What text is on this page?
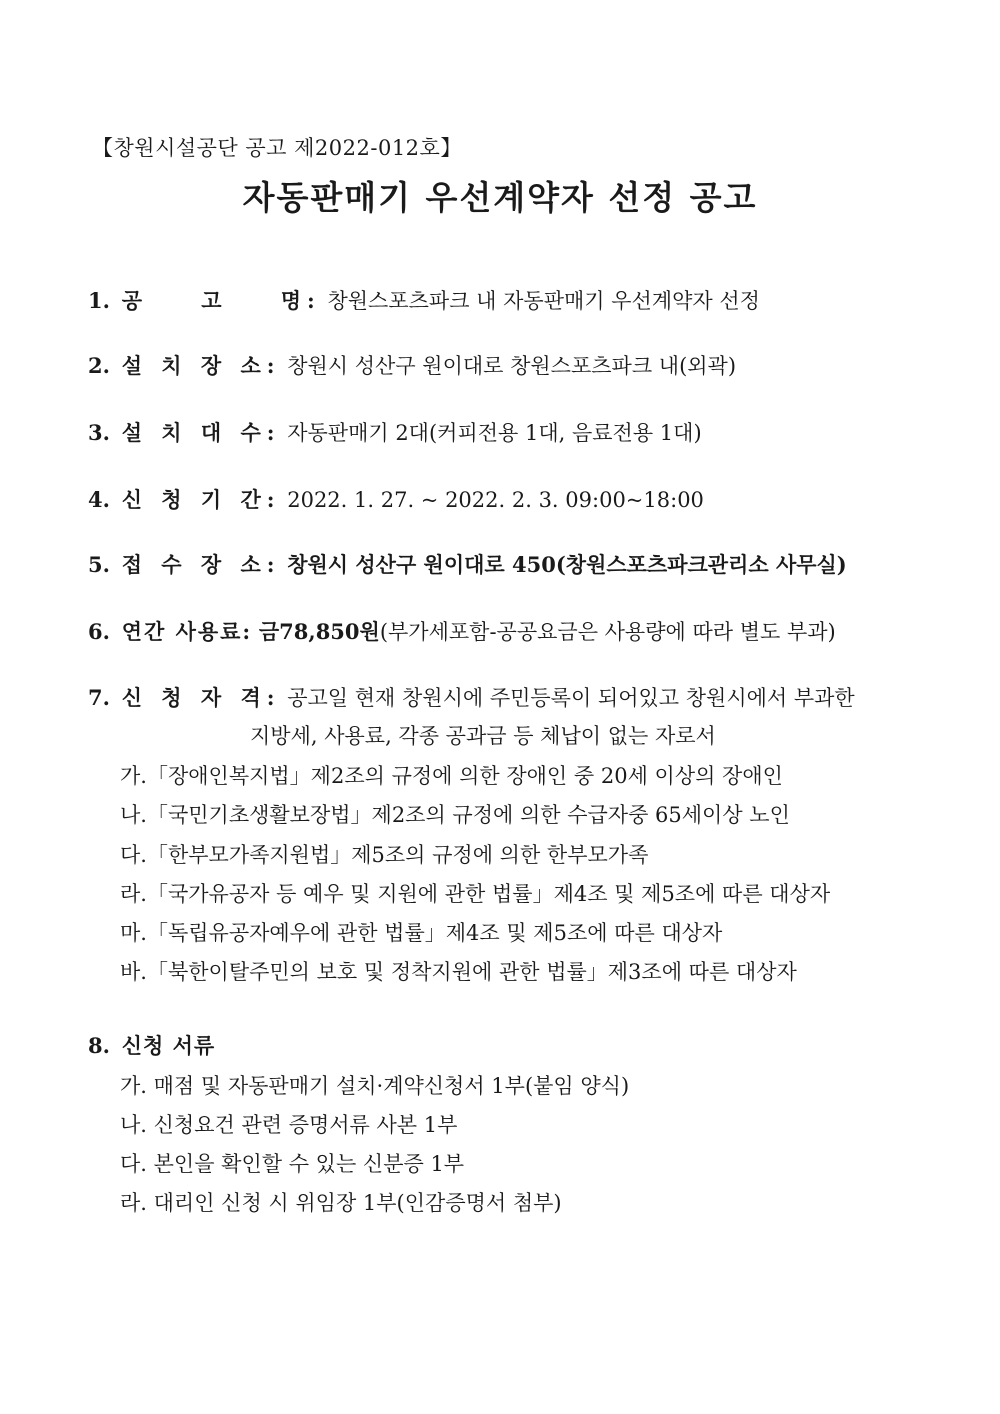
【창원시설공단 공고 제2022-012호】
자동판매기 우선계약자 선정 공고
1. 공    고    명: 창원스포츠파크 내 자동판매기 우선계약자 선정
2. 설 치 장 소: 창원시 성산구 원이대로 창원스포츠파크 내(외곽)
3. 설 치 대 수: 자동판매기 2대(커피전용 1대, 음료전용 1대)
4. 신 청 기 간: 2022. 1. 27. ~ 2022. 2. 3. 09:00~18:00
5. 접 수 장 소: 창원시 성산구 원이대로 450(창원스포츠파크관리소 사무실)
6. 연간 사용료: 금78,850원(부가세포함-공공요금은 사용량에 따라 별도 부과)
7. 신 청 자 격: 공고일 현재 창원시에 주민등록이 되어있고 창원시에서 부과한
지방세, 사용료, 각종 공과금 등 체납이 없는 자로서
가.「장애인복지법」제2조의 규정에 의한 장애인 중 20세 이상의 장애인
나.「국민기초생활보장법」제2조의 규정에 의한 수급자중 65세이상 노인
다.「한부모가족지원법」제5조의 규정에 의한 한부모가족
라.「국가유공자 등 예우 및 지원에 관한 법률」제4조 및 제5조에 따른 대상자
마.「독립유공자예우에 관한 법률」제4조 및 제5조에 따른 대상자
바.「북한이탈주민의 보호 및 정착지원에 관한 법률」제3조에 따른 대상자
8. 신청 서류
가. 매점 및 자동판매기 설치·계약신청서 1부(붙임 양식)
나. 신청요건 관련 증명서류 사본 1부
다. 본인을 확인할 수 있는 신분증 1부
라. 대리인 신청 시 위임장 1부(인감증명서 첨부)
